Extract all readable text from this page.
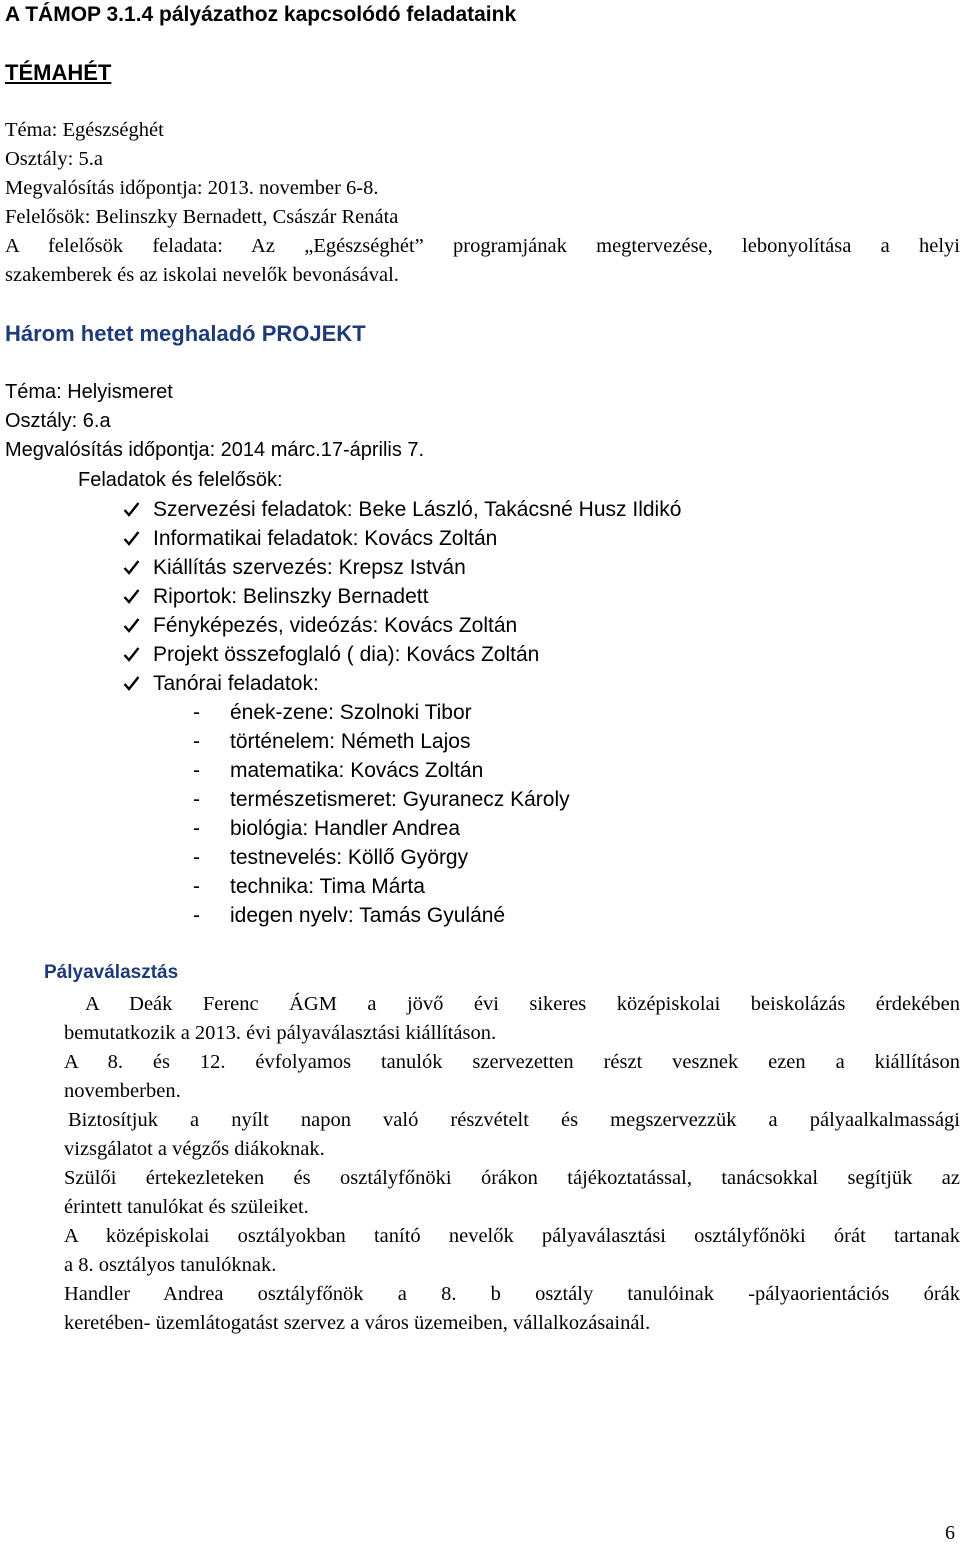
A TÁMOP 3.1.4 pályázathoz kapcsolódó feladataink
TÉMAHÉT

Téma: Egészséghét

Osztály: 5.a

Megvalósítás időpontja: 2013. november 6-8.

Felelősök: Belinszky Bernadett, Császár Renáta

A felelősök feladata: Az „Egészséghét” programjának megtervezése, lebonyolítása a helyi

szakemberek és az iskolai nevelők bevonásával.

Három hetet meghaladó PROJEKT

Téma: Helyismeret

Osztály: 6.a

Megvalósítás időpontja: 2014 márc.17-április 7.

Feladatok és felelősök:
Szervezési feladatok: Beke László, Takácsné Husz Ildikó
Informatikai feladatok: Kovács Zoltán
Kiállítás szervezés: Krepsz István
Riportok: Belinszky Bernadett
Fényképezés, videózás: Kovács Zoltán
Projekt összefoglaló ( dia): Kovács Zoltán
Tanórai feladatok:
- ének-zene: Szolnoki Tibor
- történelem: Németh Lajos
- matematika: Kovács Zoltán
- természetismeret: Gyuranecz Károly
- biológia: Handler Andrea
- testnevelés: Köllő György
- technika: Tima Márta
- idegen nyelv: Tamás Gyuláné
Pályaválasztás
A Deák Ferenc ÁGM a jövő évi sikeres középiskolai beiskolázás érdekében
bemutatkozik a 2013. évi pályaválasztási kiállításon.
A 8. és 12. évfolyamos tanulók szervezetten részt vesznek ezen a kiállításon
novemberben.
Biztosítjuk a nyílt napon való részvételt és megszervezzük a pályaalkalmassági
vizsgálatot a végzős diákoknak.
Szülői értekezleteken és osztályfőnöki órákon tájékoztatással, tanácsokkal segítjük az
érintett tanulókat és szüleiket.
A középiskolai osztályokban tanító nevelők pályaválasztási osztályfőnöki órát tartanak
a 8. osztályos tanulóknak.
Handler Andrea osztályfőnök a 8. b osztály tanulóinak -pályaorientációs órák
keretében- üzemlátogatást szervez a város üzemeiben, vállalkozásainál.
6
